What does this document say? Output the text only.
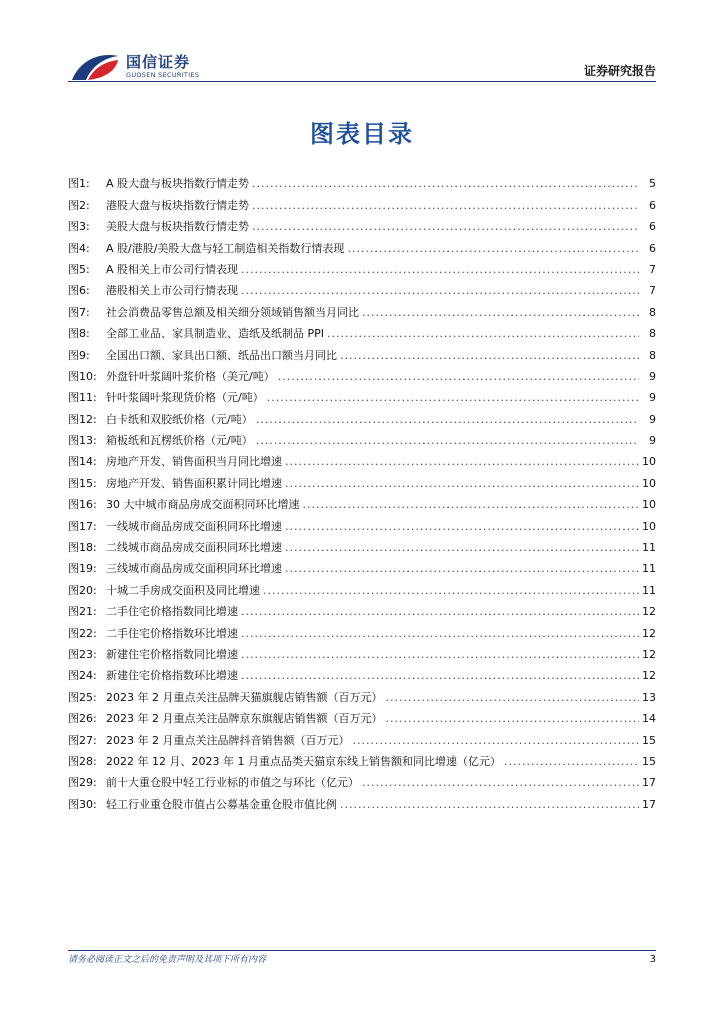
国信证券
GUOSEN SECURITIES	证券研究报告
图表目录
图1:	A 股大盘与板块指数行情走势 .....	5
图2:	港股大盘与板块指数行情走势 .....	6
图3:	美股大盘与板块指数行情走势 .....	6
图4:	A 股/港股/美股大盘与轻工制造相关指数行情表现 .....	6
图5:	A 股相关上市公司行情表现 .....	7
图6:	港股相关上市公司行情表现 .....	7
图7:	社会消费品零售总额及相关细分领域销售额当月同比 .....	8
图8:	全部工业品、家具制造业、造纸及纸制品 PPI .....	8
图9:	全国出口额、家具出口额、纸品出口额当月同比 .....	8
图10: 外盘针叶浆阔叶浆价格（美元/吨） .....	9
图11: 针叶浆阔叶浆现货价格（元/吨） .....	9
图12: 白卡纸和双胶纸价格（元/吨） .....	9
图13: 箱板纸和瓦楞纸价格（元/吨） .....	9
图14: 房地产开发、销售面积当月同比增速 .....	10
图15: 房地产开发、销售面积累计同比增速 .....	10
图16: 30 大中城市商品房成交面积同环比增速 .....	10
图17: 一线城市商品房成交面积同环比增速 .....	10
图18: 二线城市商品房成交面积同环比增速 .....	11
图19: 三线城市商品房成交面积同环比增速 .....	11
图20: 十城二手房成交面积及同比增速 .....	11
图21: 二手住宅价格指数同比增速 .....	12
图22: 二手住宅价格指数环比增速 .....	12
图23: 新建住宅价格指数同比增速 .....	12
图24: 新建住宅价格指数环比增速 .....	12
图25: 2023 年 2 月重点关注品牌天猫旗舰店销售额（百万元） .....	13
图26: 2023 年 2 月重点关注品牌京东旗舰店销售额（百万元） .....	14
图27: 2023 年 2 月重点关注品牌抖音销售额（百万元） .....	15
图28: 2022 年 12 月、2023 年 1 月重点品类天猫京东线上销售额和同比增速（亿元） .....	15
图29: 前十大重仓股中轻工行业标的市值之与环比（亿元） .....	17
图30: 轻工行业重仓股市值占公募基金重仓股市值比例 .....	17
请务必阅读正文之后的免责声明及其项下所有内容	3
